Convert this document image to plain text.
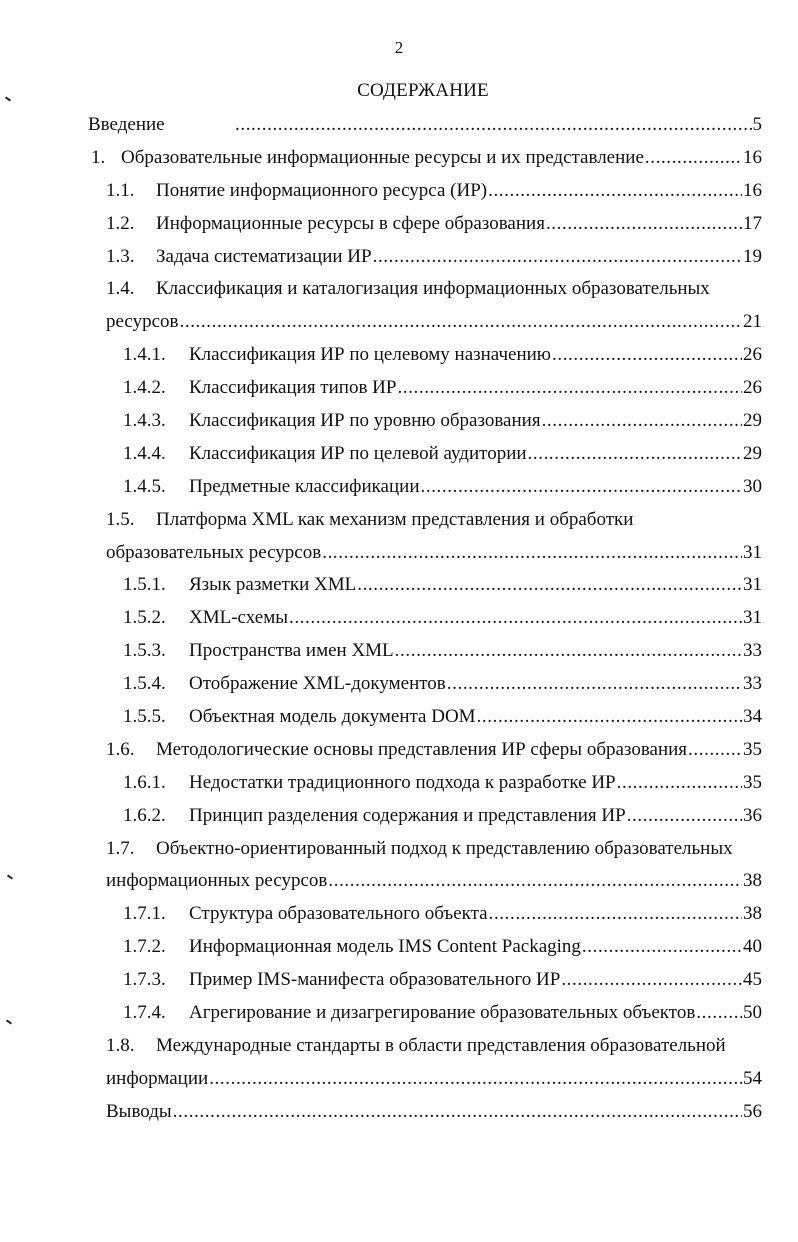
2
СОДЕРЖАНИЕ
Введение .....	5
1. Образовательные информационные ресурсы и их представление .....	16
1.1.	Понятие информационного ресурса (ИР) .....	16
1.2.	Информационные ресурсы в сфере образования .....	17
1.3.	Задача систематизации ИР .....	19
1.4.	Классификация и каталогизация информационных образовательных
ресурсов .....	21
1.4.1.	Классификация ИР по целевому назначению .....	26
1.4.2.	Классификация типов ИР .....	26
1.4.3.	Классификация ИР по уровню образования .....	29
1.4.4.	Классификация ИР по целевой аудитории .....	29
1.4.5.	Предметные классификации .....	30
1.5.	Платформа XML как механизм представления и обработки
образовательных ресурсов .....	31
1.5.1.	Язык разметки XML .....	31
1.5.2.	XML-схемы .....	31
1.5.3.	Пространства имен XML .....	33
1.5.4.	Отображение XML-документов .....	33
1.5.5.	Объектная модель документа DOM .....	34
1.6.	Методологические основы представления ИР сферы образования .....	35
1.6.1.	Недостатки традиционного подхода к разработке ИР .....	35
1.6.2.	Принцип разделения содержания и представления ИР .....	36
1.7.	Объектно-ориентированный подход к представлению образовательных
информационных ресурсов .....	38
1.7.1.	Структура образовательного объекта .....	38
1.7.2.	Информационная модель IMS Content Packaging .....	40
1.7.3.	Пример IMS-манифеста образовательного ИР .....	45
1.7.4.	Агрегирование и дизагрегирование образовательных объектов .....	50
1.8.	Международные стандарты в области представления образовательной
информации .....	54
Выводы .....	56
